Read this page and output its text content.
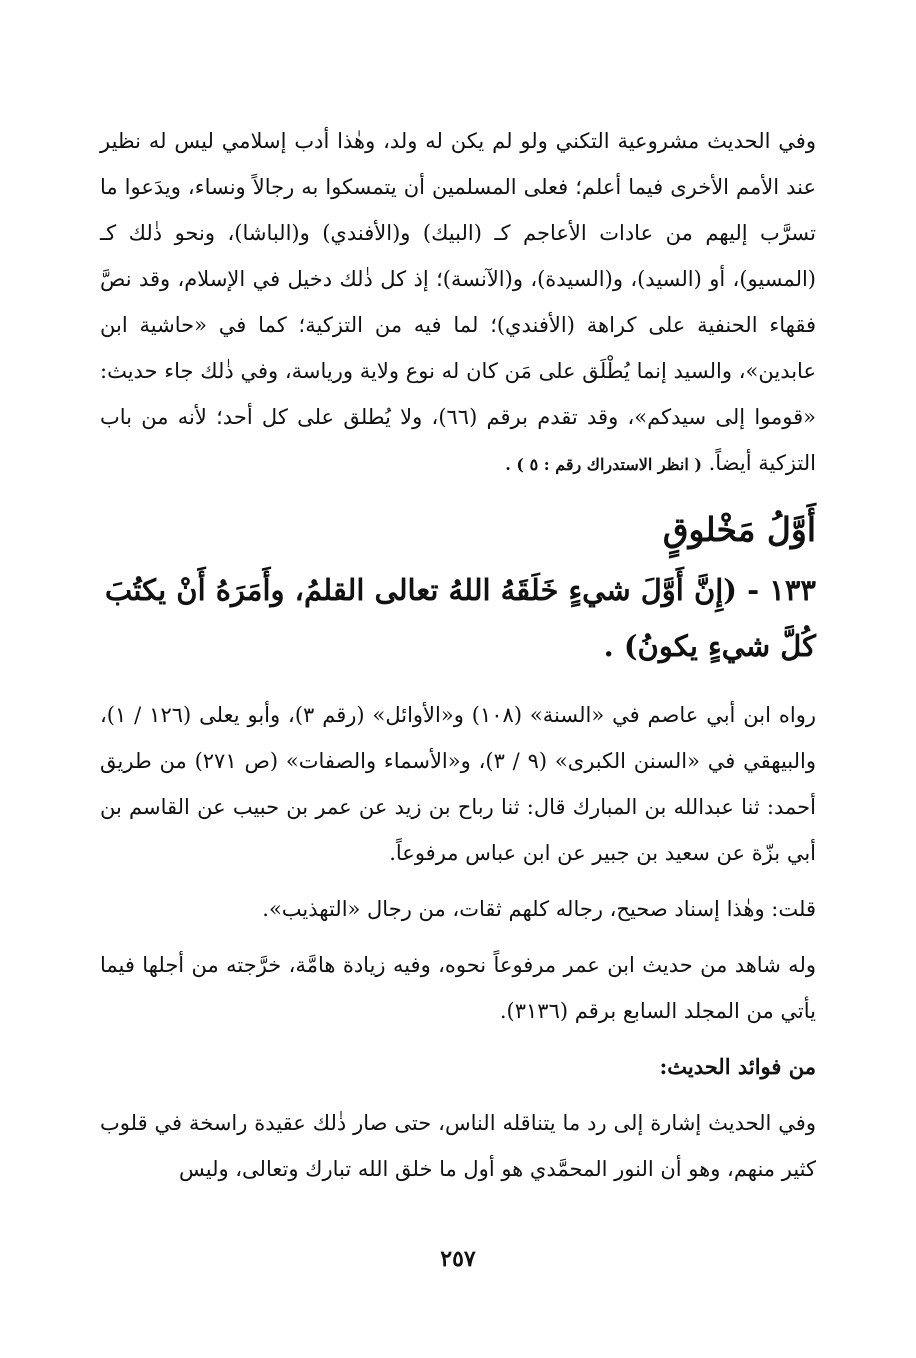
وفي الحديث مشروعية التكني ولو لم يكن له ولد، وهٰذا أدب إسلامي ليس له نظير عند الأمم الأخرى فيما أعلم؛ فعلى المسلمين أن يتمسكوا به رجالاً ونساء، ويدَعوا ما تسرَّب إليهم من عادات الأعاجم كـ (البيك) و(الأفندي) و(الباشا)، ونحو ذٰلك كـ (المسيو)، أو (السيد)، و(السيدة)، و(الآنسة)؛ إذ كل ذٰلك دخيل في الإسلام، وقد نصَّ فقهاء الحنفية على كراهة (الأفندي)؛ لما فيه من التزكية؛ كما في «حاشية ابن عابدين»، والسيد إنما يُطْلَق على مَن كان له نوع ولاية ورياسة، وفي ذٰلك جاء حديث: «قوموا إلى سيدكم»، وقد تقدم برقم (٦٦)، ولا يُطلق على كل أحد؛ لأنه من باب التزكية أيضاً. ( انظر الاستدراك رقم : ٥ ) .

أَوَّلُ مَخْلوقٍ
١٣٣ - (إِنَّ أَوَّلَ شيءٍ خَلَقَهُ اللهُ تعالى القلمُ، وأَمَرَهُ أَنْ يكتُبَ كُلَّ شيءٍ يكونُ) .

رواه ابن أبي عاصم في «السنة» (١٠٨) و«الأوائل» (رقم ٣)، وأبو يعلى (١٢٦ / ١)، والبيهقي في «السنن الكبرى» (٩ / ٣)، و«الأسماء والصفات» (ص ٢٧١) من طريق أحمد: ثنا عبدالله بن المبارك قال: ثنا رباح بن زيد عن عمر بن حبيب عن القاسم بن أبي بزّة عن سعيد بن جبير عن ابن عباس مرفوعاً.

قلت: وهٰذا إسناد صحيح، رجاله كلهم ثقات، من رجال «التهذيب».

وله شاهد من حديث ابن عمر مرفوعاً نحوه، وفيه زيادة هامَّة، خرَّجته من أجلها فيما يأتي من المجلد السابع برقم (٣١٣٦).

من فوائد الحديث:

وفي الحديث إشارة إلى رد ما يتناقله الناس، حتى صار ذٰلك عقيدة راسخة في قلوب كثير منهم، وهو أن النور المحمَّدي هو أول ما خلق الله تبارك وتعالى، وليس

٢٥٧
